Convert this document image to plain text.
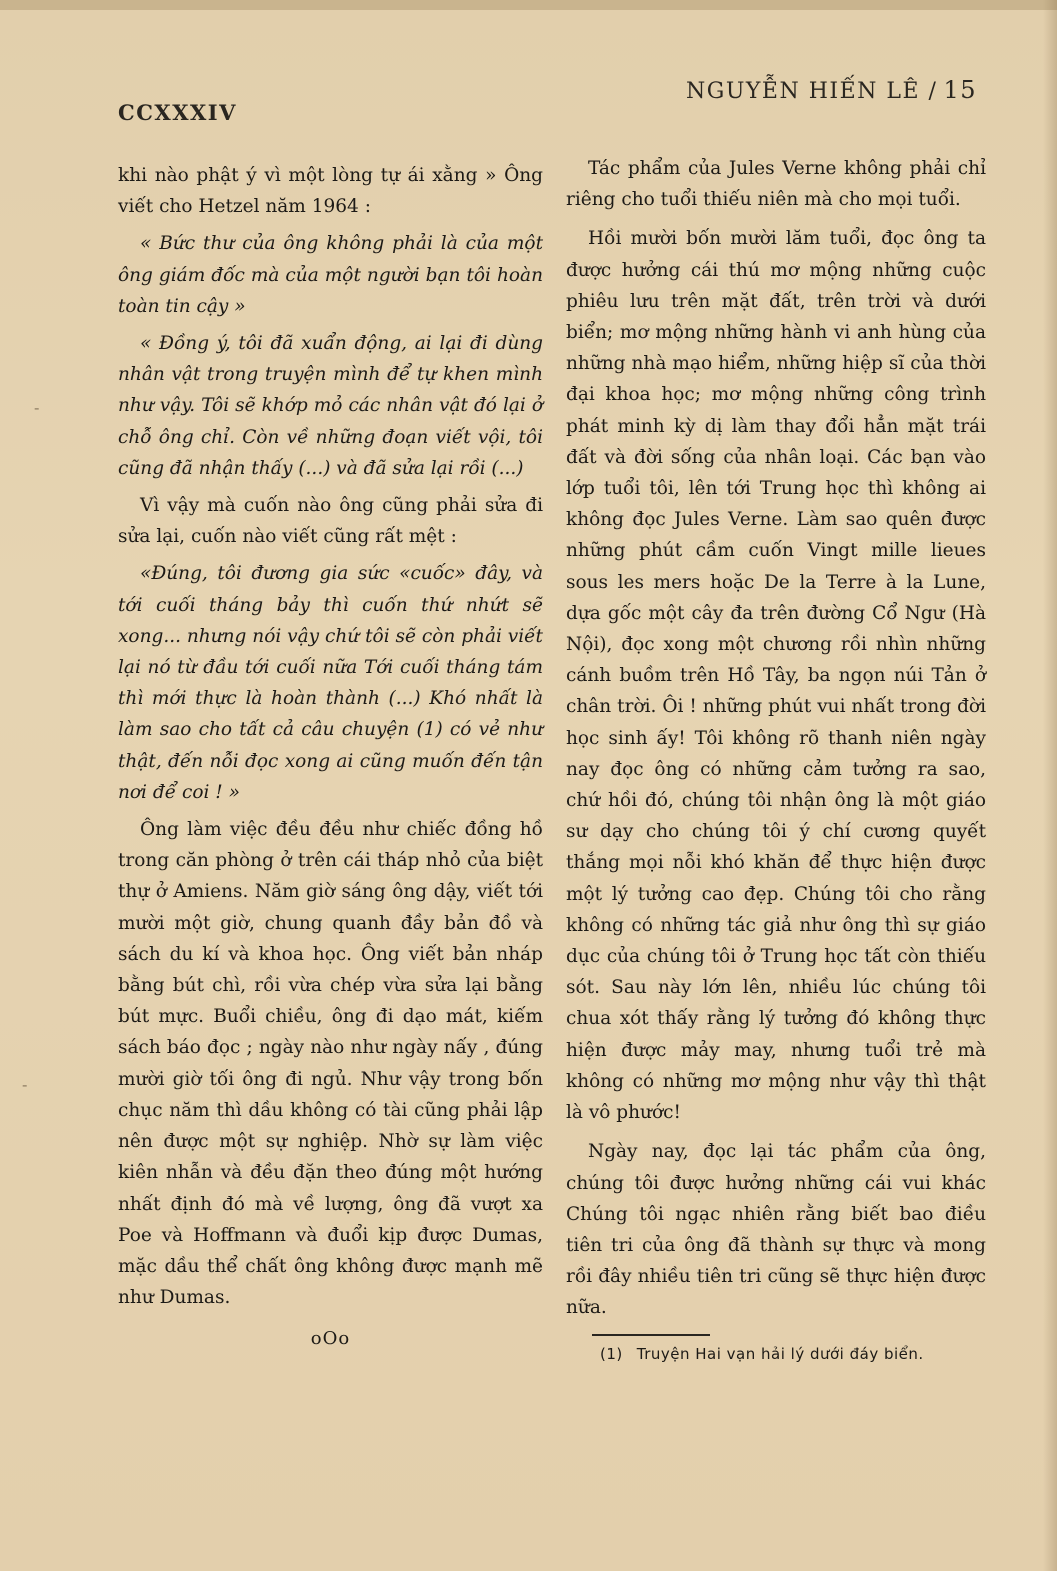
CCXXXIV
NGUYỄN HIẾN LÊ / 15

khi nào phật ý vì một lòng tự ái xằng » Ông viết cho Hetzel năm 1964 :

« Bức thư của ông không phải là của một ông giám đốc mà của một người bạn tôi hoàn toàn tin cậy »

« Đồng ý, tôi đã xuẩn động, ai lại đi dùng nhân vật trong truyện mình để tự khen mình như vậy. Tôi sẽ khớp mỏ các nhân vật đó lại ở chỗ ông chỉ. Còn về những đoạn viết vội, tôi cũng đã nhận thấy (...) và đã sửa lại rồi (...)

Vì vậy mà cuốn nào ông cũng phải sửa đi sửa lại, cuốn nào viết cũng rất mệt :

«Đúng, tôi đương gia sức «cuốc» đây, và tới cuối tháng bảy thì cuốn thứ nhứt sẽ xong... nhưng nói vậy chứ tôi sẽ còn phải viết lại nó từ đầu tới cuối nữa Tới cuối tháng tám thì mới thực là hoàn thành (...) Khó nhất là làm sao cho tất cả câu chuyện (1) có vẻ như thật, đến nỗi đọc xong ai cũng muốn đến tận nơi để coi ! »

Ông làm việc đều đều như chiếc đồng hồ trong căn phòng ở trên cái tháp nhỏ của biệt thự ở Amiens. Năm giờ sáng ông dậy, viết tới mười một giờ, chung quanh đầy bản đồ và sách du kí và khoa học. Ông viết bản nháp bằng bút chì, rồi vừa chép vừa sửa lại bằng bút mực. Buổi chiều, ông đi dạo mát, kiếm sách báo đọc ; ngày nào như ngày nấy , đúng mười giờ tối ông đi ngủ. Như vậy trong bốn chục năm thì dầu không có tài cũng phải lập nên được một sự nghiệp. Nhờ sự làm việc kiên nhẫn và đều đặn theo đúng một hướng nhất định đó mà về lượng, ông đã vượt xa Poe và Hoffmann và đuổi kịp được Dumas, mặc dầu thể chất ông không được mạnh mẽ như Dumas.

oOo

Tác phẩm của Jules Verne không phải chỉ riêng cho tuổi thiếu niên mà cho mọi tuổi.

Hồi mười bốn mười lăm tuổi, đọc ông ta được hưởng cái thú mơ mộng những cuộc phiêu lưu trên mặt đất, trên trời và dưới biển; mơ mộng những hành vi anh hùng của những nhà mạo hiểm, những hiệp sĩ của thời đại khoa học; mơ mộng những công trình phát minh kỳ dị làm thay đổi hẳn mặt trái đất và đời sống của nhân loại. Các bạn vào lớp tuổi tôi, lên tới Trung học thì không ai không đọc Jules Verne. Làm sao quên được những phút cầm cuốn Vingt mille lieues sous les mers hoặc De la Terre à la Lune, dựa gốc một cây đa trên đường Cổ Ngư (Hà Nội), đọc xong một chương rồi nhìn những cánh buồm trên Hồ Tây, ba ngọn núi Tản ở chân trời. Ôi ! những phút vui nhất trong đời học sinh ấy! Tôi không rõ thanh niên ngày nay đọc ông có những cảm tưởng ra sao, chứ hồi đó, chúng tôi nhận ông là một giáo sư dạy cho chúng tôi ý chí cương quyết thắng mọi nỗi khó khăn để thực hiện được một lý tưởng cao đẹp. Chúng tôi cho rằng không có những tác giả như ông thì sự giáo dục của chúng tôi ở Trung học tất còn thiếu sót. Sau này lớn lên, nhiều lúc chúng tôi chua xót thấy rằng lý tưởng đó không thực hiện được mảy may, nhưng tuổi trẻ mà không có những mơ mộng như vậy thì thật là vô phước!

Ngày nay, đọc lại tác phẩm của ông, chúng tôi được hưởng những cái vui khác Chúng tôi ngạc nhiên rằng biết bao điều tiên tri của ông đã thành sự thực và mong rồi đây nhiều tiên tri cũng sẽ thực hiện được nữa.

(1) Truyện Hai vạn hải lý dưới đáy biển.
-
-
